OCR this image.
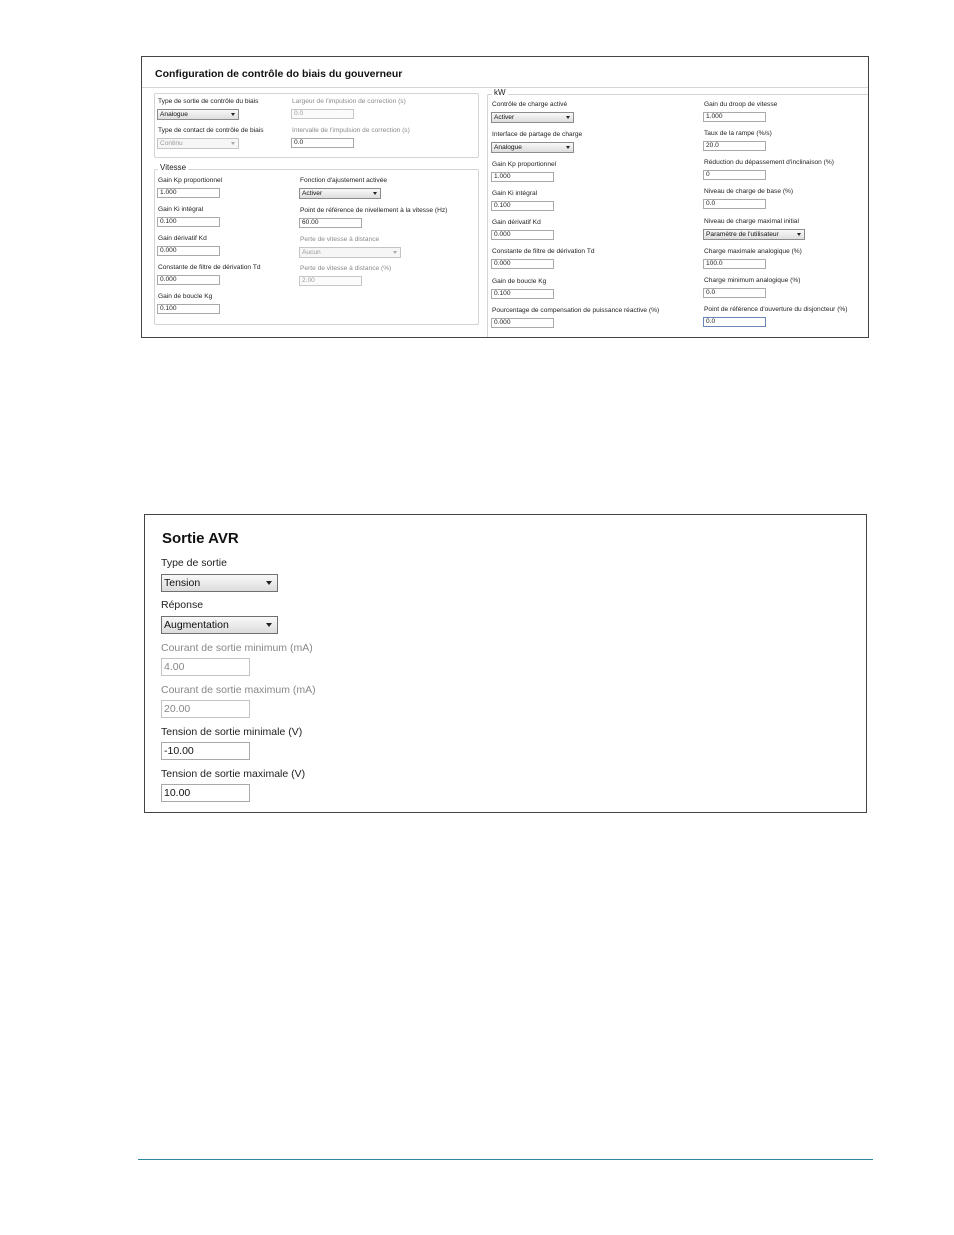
Configuration de contrôle do biais du gouverneur
Type de sortie de contrôle du biais
Analogue
Type de contact de contrôle de biais
Continu
Largeur de l'impulsion de correction (s)
0.0
Intervalle de l'impulsion de correction (s)
0.0
Vitesse
Gain Kp proportionnel
1.000
Gain Ki intégral
0.100
Gain dérivatif Kd
0.000
Constante de filtre de dérivation Td
0.000
Gain de boucle Kg
0.100
Fonction d'ajustement activée
Activer
Point de référence de nivellement à la vitesse (Hz)
60.00
Perte de vitesse à distance
Aucun
Perte de vitesse à distance (%)
2.00
kW
Contrôle de charge activé
Activer
Interface de partage de charge
Analogue
Gain Kp proportionnel
1.000
Gain Ki intégral
0.100
Gain dérivatif Kd
0.000
Constante de filtre de dérivation Td
0.000
Gain de boucle Kg
0.100
Pourcentage de compensation de puissance réactive (%)
0.000
Gain du droop de vitesse
1.000
Taux de la rampe (%/s)
20.0
Réduction du dépassement d'inclinaison (%)
0
Niveau de charge de base (%)
0.0
Niveau de charge maximal initial
Paramètre de l'utilisateur
Charge maximale analogique (%)
100.0
Charge minimum analogique (%)
0.0
Point de référence d'ouverture du disjoncteur (%)
0.0
Sortie AVR
Type de sortie
Tension
Réponse
Augmentation
Courant de sortie minimum (mA)
4.00
Courant de sortie maximum (mA)
20.00
Tension de sortie minimale (V)
-10.00
Tension de sortie maximale (V)
10.00
